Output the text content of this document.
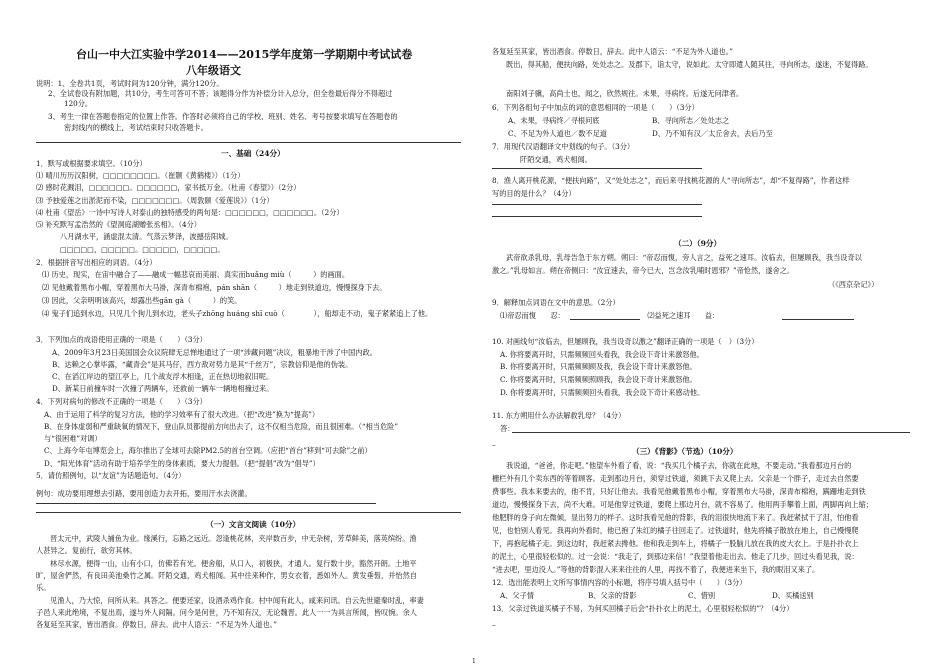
台山一中大江实验中学2014——2015学年度第一学期期中考试试卷
八年级语文
说明：1、全卷共1页，考试时间为120分钟，满分120分。
2、全试卷设有附加题，共10分，考生可答可不答；该题得分作为补偿分计入总分，但全卷最后得分不得超过
120分。
3、考生一律在答题卷指定的位置上作答。作答时必须将自己的学校、班别、姓名、考号按要求填写在答题卷的
密封线内的横线上，考试结束时只收答题卡。
一、基础（24分）
1．默写或根据要求填空。（10分）
⑴ 晴川历历汉阳树，□□□□□□□□。（崔颢《黄鹤楼》）（1分）
⑵ 感时花溅泪，□□□□□□。□□□□□□，家书抵万金。（杜甫《春望》）（2分）
⑶ 予独爱莲之出淤泥而不染，□□□□□□□。（周敦颐《爱莲说》）（1分）
⑷ 杜甫《望岳》一诗中写诗人对泰山的独特感受的两句是：□□□□□□，□□□□□□。（2分）
⑸ 补充默写孟浩然的《望洞庭湖赠张丞相》。（4分）
八月湖水平，涵虚混太清。气蒸云梦泽，波撼岳阳城。
□□□□□，□□□□□。□□□□□，□□□□□。
2．根据拼音写出相应的词语。（4分）
⑴ 历史，现实，在宙中融合了——融成一幅悲哀而美丽、真实而huǎng miù（　　　）的画面。
⑵ 见他戴着黑布小帽，穿着黑布大马褂，深青布棉袍，pán shān（　　　）地走到铁道边，慢慢探身下去。
⑶ 因此，父亲明明该高兴，却露出些gān gà（　　　）的笑。
⑷ 鬼子们追到水边，只见几个狗儿到水边，老头子zhōng huáng shī cuò（　　　　），船却走不动，鬼子紧紧追上了他。
3．下列加点的成语使用正确的一项是（　　）（3分）
A、2009年3月23日美国国会众议院肆无忌惮地通过了一项“涉藏问题”决议，粗暴地干涉了中国内政。
B、达赖之心掌毕露，“藏青会”是其马仔，西方敌对势力是其“千丝万”，宗教信仰是他的伪装。
C、在滔江岸边的望江亭上，几个战友浮木相逢，正在热切地叙旧呢。
D、新某日前撞车时一次撞了两辆车，还救前一辆车一辆地相撞过来。
4．下列对病句的修改不正确的一项是（　　）（3分）
A、由于运用了科学的复习方法，他的学习效率有了很大改进。（把“改进”换为“提高”）
B、在身体虚弱和严重缺氧的情况下，登山队员都提前方向出去了，这不仅相当危险，而且很困难。（“相当危险”
与“很困难”对调）
C、上海今年屯博览会上，海尔推出了全球可去除PM2.5的首台空调。（应把“首台”移到“可去除”之前）
D、“阳光体育”活动有助于培养学生的身体素质，要大力提倡。（把“提倡”改为“倡导”）
5．请仿照例句，以“友谊”为话题造句。（4分）
例句：成功要用理想去引路，要用创造力去开拓，要用汗水去浇灌。
（一）文言文阅读（10分）
晋太元中，武陵人捕鱼为业。缘溪行，忘路之远近。忽逢桃花林，夹岸数百步，中无杂树，芳草鲜美，落英缤纷。渔
人甚异之。复前行，欲穷其林。
林尽水源，便得一山，山有小口，仿佛若有光。便舍船，从口入，初极狭，才通人。复行数十步，豁然开朗。土地平
旷，屋舍俨然，有良田美池桑竹之属。阡陌交通，鸡犬相闻。其中往来种作，男女衣着，悉如外人。黄发垂髫，并怡然自
乐。
见渔人，乃大惊，问所从来。具答之。便要还家，设酒杀鸡作食。村中闻有此人，咸来问讯。自云先世避秦时乱，率妻
子邑人来此绝境，不复出焉，遂与外人间隔。问今是何世，乃不知有汉，无论魏晋。此人一一为具言所闻，皆叹惋。余人
各复延至其家，皆出酒食。停数日，辞去。此中人语云：“不足为外人道也。”
各复延至其家，皆出酒食。停数日，辞去。此中人语云：“不足为外人道也。”
既出，得其船，便扶向路，处处志之。及郡下，诣太守，说如此。太守即遣人随其往，寻向所志，遂迷，不复得路。
南阳刘子骥，高尚士也，闻之，欣然规往。未果，寻病终。后遂无问津者。
6．下列各组句子中加点的词的意思相同的一项是（　　）（3分）
A、未果，寻病终／寻根问底	B、寻向所志／处处志之
C、不足为外人道也／数不足道	D、乃不知有汉／太丘舍去，去后乃至
7．用现代汉语翻译文中划线的句子。（3分）
阡陌交通，鸡犬相闻。
8．渔人离开桃花源，“便扶向路”，又“处处志之”，而后来寻找桃花源的人“寻向所志”，却“不复得路”，作者这样
写的目的是什么？（4分）
（二）（9分）
武帝欲杀乳母，乳母告急于东方朔。朔曰：“帝忍而愎，旁人言之，益死之速耳。汝临去，但屡顾我，我当设奇以
激之。”乳母如言。朔在帝侧曰：“汝宜速去，帝今已大，岂念汝乳哺时恩邪？”帝怆然，遂舍之。
（《西京杂记》）
9．解释加点词语在文中的意思。（2分）
⑴帝忍而愎　　忍：　　　　　　　　　　　　⑵益死之速耳　　益：
10. 对画线句“汝临去，但屡顾我，我当设奇以激之”翻译正确的一项是（　）（3分）
A. 你将要离开时，只需频频回头看我，我会设下奇计来激怒他。
B. 你将要离开时，只需频频顾及我，我会设下奇计来激怒他。
C. 你将要离开时，只需频频照顾我，我会设下奇计来激怒他。
D. 你将要离开时，只需频频回头看我，我会设下奇计来感动他。
11. 东方朔用什么办法解救乳母？（4分）
答：
–
（三）《背影》（节选）（10分）
我说道，“爸爸，你走吧。”他望车外看了看，说：“我买几个橘子去，你就在此地，不要走动。”我看那边月台的
栅栏外有几个卖东西的等着顾客。走到那边月台，须穿过铁道，须跳下去又爬上去。父亲是一个胖子，走过去自然要
费事些。我本来要去的，他不肯，只好让他去。我看见他戴着黑布小帽，穿着黑布大马褂，深青布棉袍，蹒跚地走到铁
道边，慢慢探身下去，尚不大难。可是他穿过铁道，要爬上那边月台，就不容易了。他用两手攀着上面，两脚再向上缩；
他肥胖的身子向左微倾，显出努力的样子。这时我看见他的背影，我的泪很快地流下来了。我赶紧拭干了泪，怕他看
见，也怕别人看见。我再向外看时，他已抱了朱红的橘子往回走了。过铁道时，他先将橘子散放在地上，自己慢慢爬
下，再抱起橘子走。到这边时，我赶紧去搀他。他和我走到车上，将橘子一股脑儿放在我的皮大衣上。于是扑扑衣上
的泥土，心里很轻松似的。过一会说：“我走了，到那边来信！”我望着他走出去。他走了几步，回过头看见我，说：
“进去吧，里边没人。”等他的背影混入来来往往的人里，再找不着了，我便进来坐下，我的眼泪又来了。
12．选出能表明上文所写事情内容的小标题，将序号填入括号中（　　）（3分）
A、父子情	B、父亲的背影	C、惜别	D、买橘送别
13．父亲过铁道买橘子不易，为何买回橘子后会“扑扑衣上的泥土，心里很轻松似的”？（4分）
–
1
